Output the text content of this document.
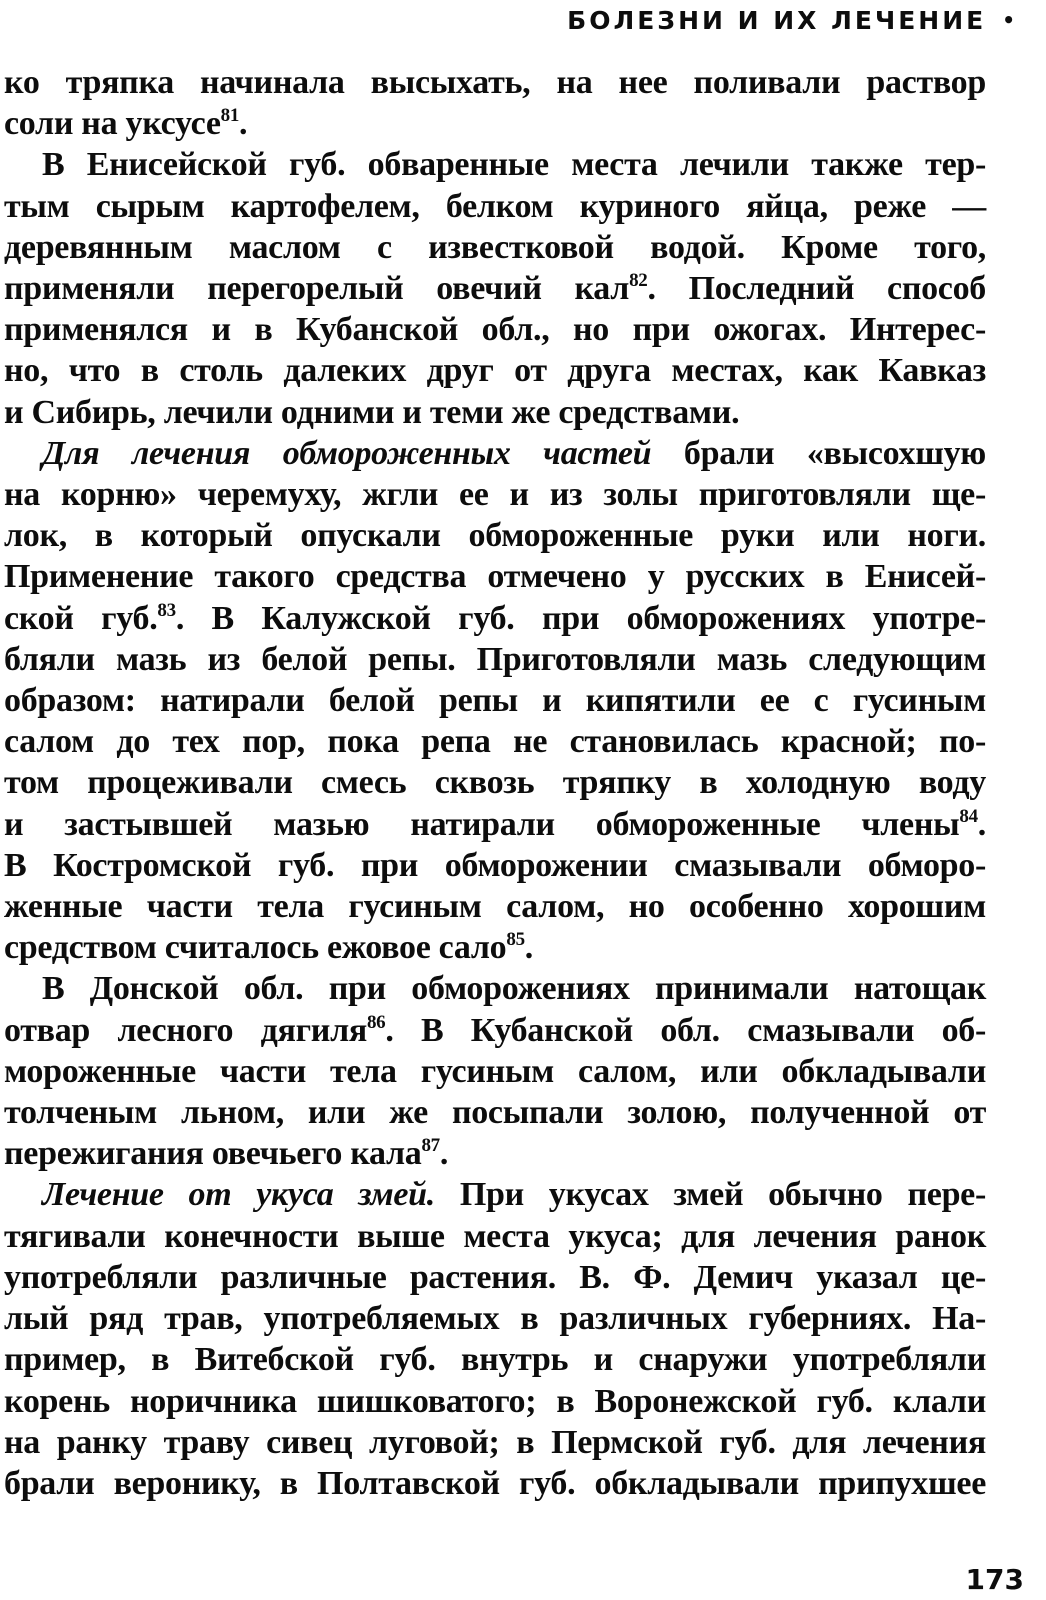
БОЛЕЗНИ И ИХ ЛЕЧЕНИЕ •
ко тряпка начинала высыхать, на нее поливали раствор
соли на уксусе$^{81}$.
В Енисейской губ. обваренные места лечили также тер-
тым сырым картофелем, белком куриного яйца, реже —
деревянным маслом с известковой водой. Кроме того,
применяли перегорелый овечий кал$^{82}$. Последний способ
применялся и в Кубанской обл., но при ожогах. Интерес-
но, что в столь далеких друг от друга местах, как Кавказ
и Сибирь, лечили одними и теми же средствами.
Для лечения обмороженных частей брали «высохшую
на корню» черемуху, жгли ее и из золы приготовляли ще-
лок, в который опускали обмороженные руки или ноги.
Применение такого средства отмечено у русских в Енисей-
ской губ.$^{83}$. В Калужской губ. при обморожениях употре-
бляли мазь из белой репы. Приготовляли мазь следующим
образом: натирали белой репы и кипятили ее с гусиным
салом до тех пор, пока репа не становилась красной; по-
том процеживали смесь сквозь тряпку в холодную воду
и застывшей мазью натирали обмороженные члены$^{84}$.
В Костромской губ. при обморожении смазывали обморо-
женные части тела гусиным салом, но особенно хорошим
средством считалось ежовое сало$^{85}$.
В Донской обл. при обморожениях принимали натощак
отвар лесного дягиля$^{86}$. В Кубанской обл. смазывали об-
мороженные части тела гусиным салом, или обкладывали
толченым льном, или же посыпали золою, полученной от
пережигания овечьего кала$^{87}$.
Лечение от укуса змей. При укусах змей обычно пере-
тягивали конечности выше места укуса; для лечения ранок
употребляли различные растения. В. Ф. Демич указал це-
лый ряд трав, употребляемых в различных губерниях. На-
пример, в Витебской губ. внутрь и снаружи употребляли
корень норичника шишковатого; в Воронежской губ. клали
на ранку траву сивец луговой; в Пермской губ. для лечения
брали веронику, в Полтавской губ. обкладывали припухшее
173
